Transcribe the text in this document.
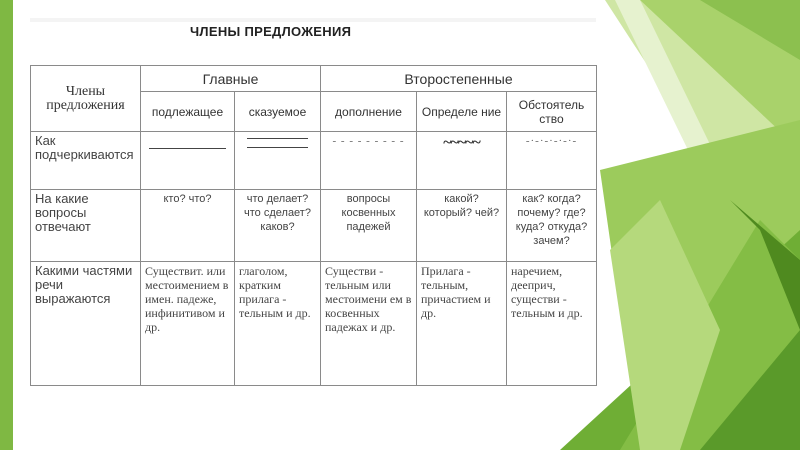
ЧЛЕНЫ ПРЕДЛОЖЕНИЯ
Члены предложения	Главные		Второстепенные		
	подлежащее	сказуемое	дополнение	Определе ние	Обстоятель ство
Как подчеркиваются			- - - - - - - - -	~~~~~	-·-·-·-·-·-

На какие вопросы отвечают	кто? что?	что делает? что сделает? каков?	вопросы косвенных падежей	какой? который? чей?	как? когда? почему? где? куда? откуда? зачем?
Какими частями речи выражаются	Существит. или местоимением в имен. падеже, инфинитивом и др.	глаголом, кратким прилага - тельным и др.	Существи - тельным или местоимени ем в косвенных падежах и др.	Прилага - тельным, причастием и др.	наречием, дееприч, существи - тельным и др.
